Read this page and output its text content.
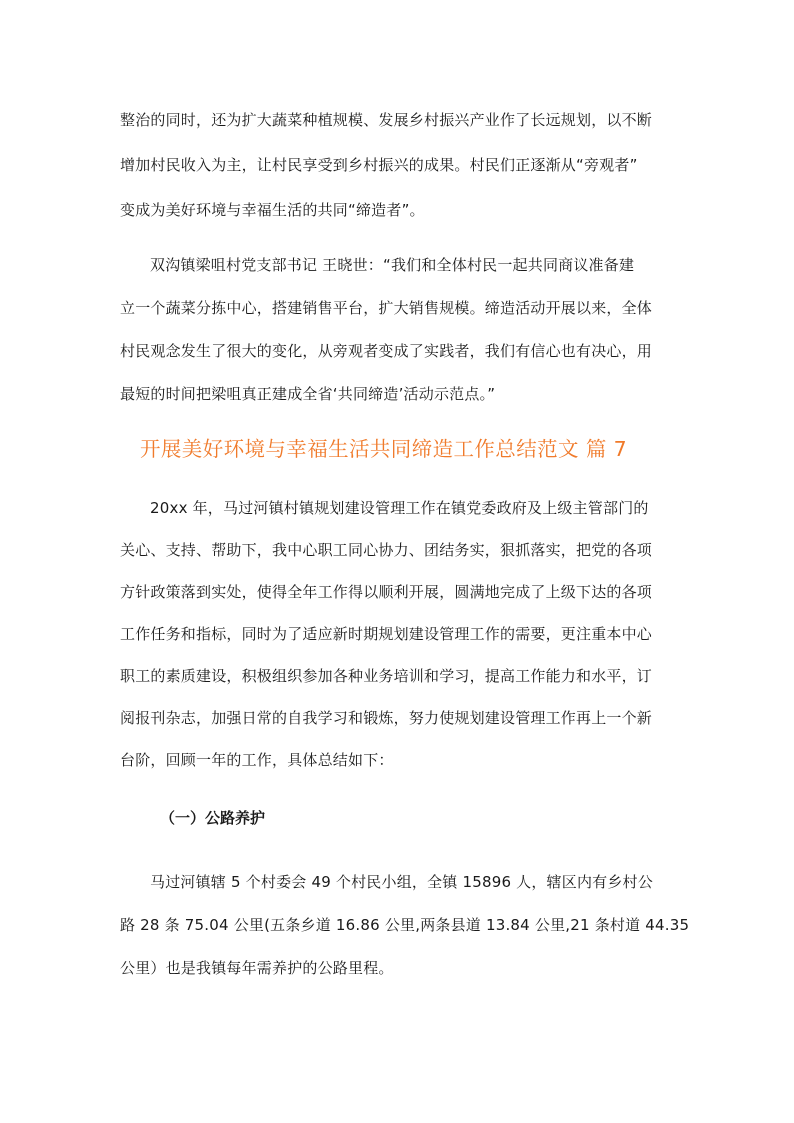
整治的同时，还为扩大蔬菜种植规模、发展乡村振兴产业作了长远规划，以不断
增加村民收入为主，让村民享受到乡村振兴的成果。村民们正逐渐从“旁观者”
变成为美好环境与幸福生活的共同“缔造者”。
双沟镇梁咀村党支部书记 王晓世：“我们和全体村民一起共同商议准备建
立一个蔬菜分拣中心，搭建销售平台，扩大销售规模。缔造活动开展以来，全体
村民观念发生了很大的变化，从旁观者变成了实践者，我们有信心也有决心，用
最短的时间把梁咀真正建成全省‘共同缔造’活动示范点。”
开展美好环境与幸福生活共同缔造工作总结范文 篇 7
20xx 年，马过河镇村镇规划建设管理工作在镇党委政府及上级主管部门的
关心、支持、帮助下，我中心职工同心协力、团结务实，狠抓落实，把党的各项
方针政策落到实处，使得全年工作得以顺利开展，圆满地完成了上级下达的各项
工作任务和指标，同时为了适应新时期规划建设管理工作的需要，更注重本中心
职工的素质建设，积极组织参加各种业务培训和学习，提高工作能力和水平，订
阅报刊杂志，加强日常的自我学习和锻炼，努力使规划建设管理工作再上一个新
台阶，回顾一年的工作，具体总结如下：
（一）公路养护
马过河镇辖 5 个村委会 49 个村民小组，全镇 15896 人，辖区内有乡村公
路 28 条 75.04 公里(五条乡道 16.86 公里,两条县道 13.84 公里,21 条村道 44.35
公里）也是我镇每年需养护的公路里程。
